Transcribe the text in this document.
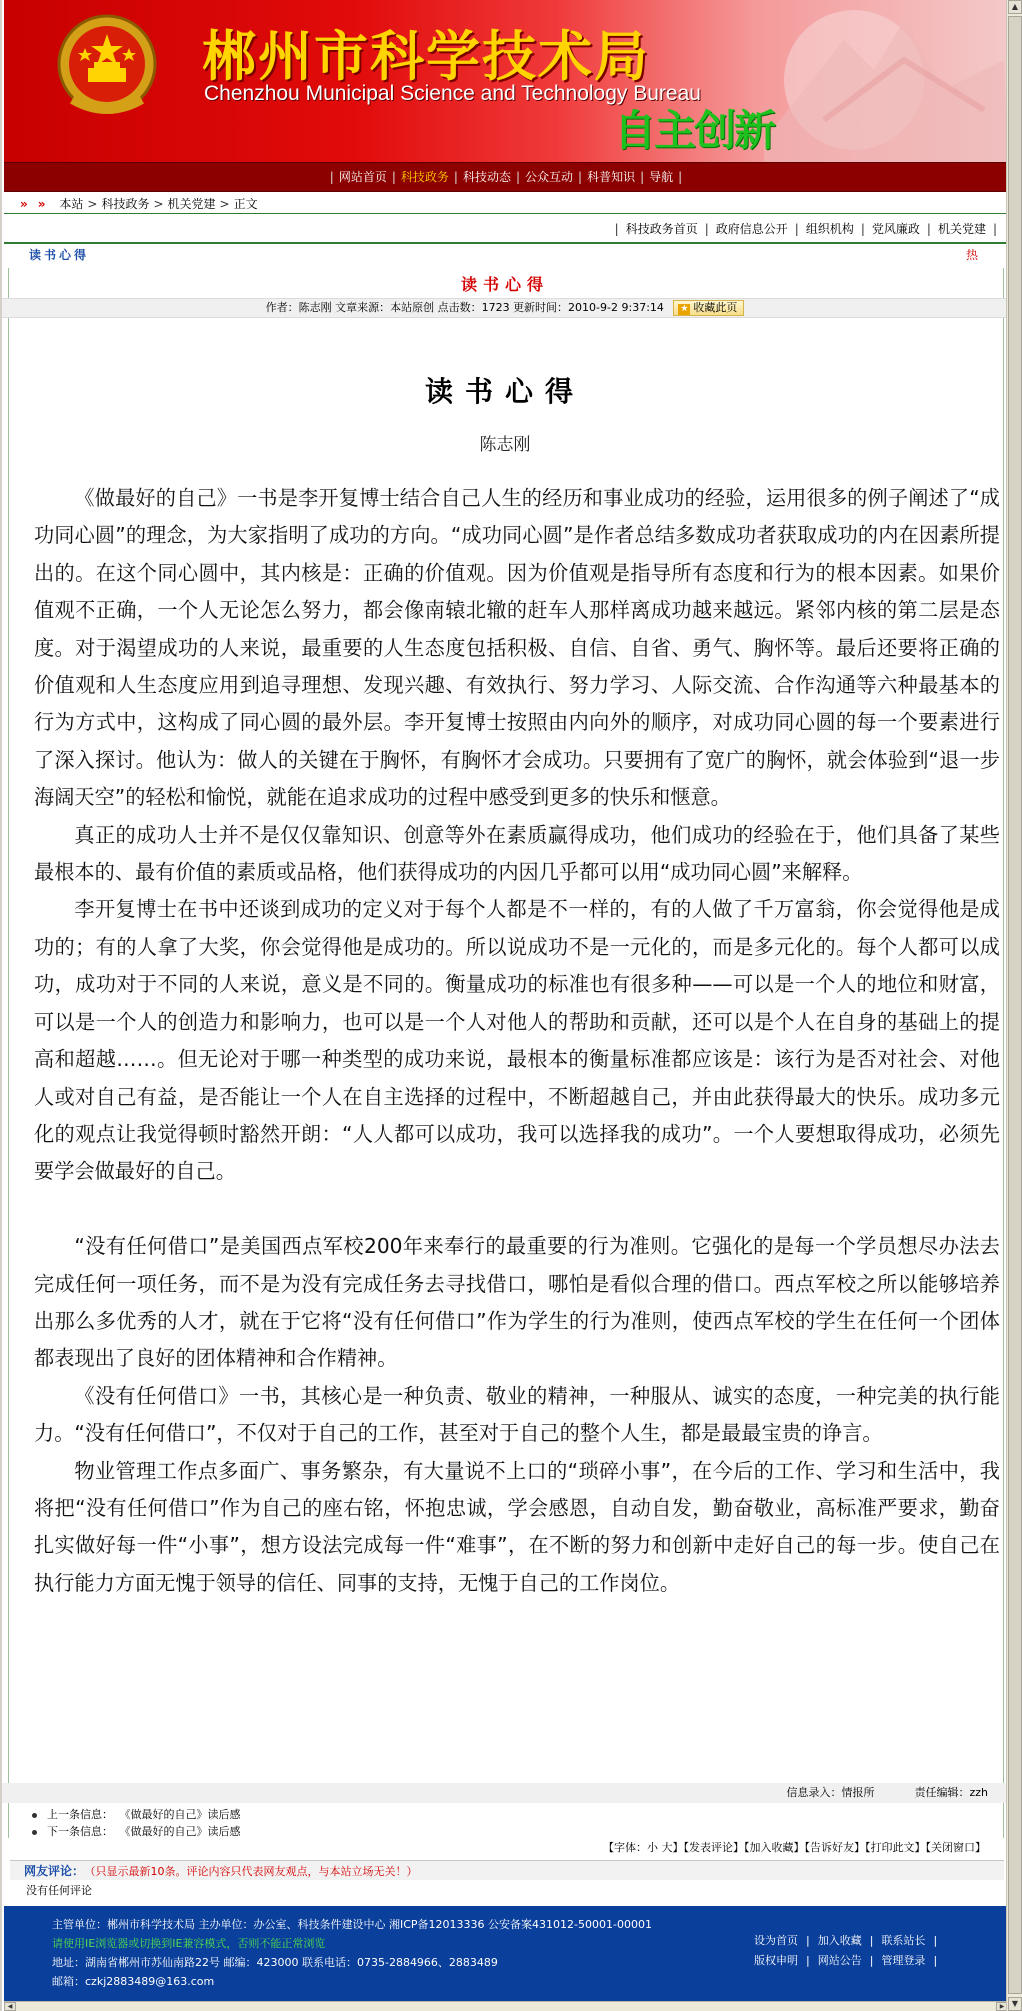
郴州市科学技术局
Chenzhou Municipal Science and Technology Bureau
自主创新
| 网站首页 | 科技政务 | 科技动态 | 公众互动 | 科普知识 | 导航 |
» » 本站 > 科技政务 > 机关党建 > 正文
| 科技政务首页 | 政府信息公开 | 组织机构 | 党风廉政 | 机关党建 |
读书心得	热
读书心得
作者：陈志刚 文章来源：本站原创 点击数：1723 更新时间：2010-9-2 9:37:14 ★ 收藏此页
读书心得
陈志刚

《做最好的自己》一书是李开复博士结合自己人生的经历和事业成功的经验，运用很多的例子阐述了“成功同心圆”的理念，为大家指明了成功的方向。“成功同心圆”是作者总结多数成功者获取成功的内在因素所提出的。在这个同心圆中，其内核是：正确的价值观。因为价值观是指导所有态度和行为的根本因素。如果价值观不正确，一个人无论怎么努力，都会像南辕北辙的赶车人那样离成功越来越远。紧邻内核的第二层是态度。对于渴望成功的人来说，最重要的人生态度包括积极、自信、自省、勇气、胸怀等。最后还要将正确的价值观和人生态度应用到追寻理想、发现兴趣、有效执行、努力学习、人际交流、合作沟通等六种最基本的行为方式中，这构成了同心圆的最外层。李开复博士按照由内向外的顺序，对成功同心圆的每一个要素进行了深入探讨。他认为：做人的关键在于胸怀，有胸怀才会成功。只要拥有了宽广的胸怀，就会体验到“退一步海阔天空”的轻松和愉悦，就能在追求成功的过程中感受到更多的快乐和惬意。

真正的成功人士并不是仅仅靠知识、创意等外在素质赢得成功，他们成功的经验在于，他们具备了某些最根本的、最有价值的素质或品格，他们获得成功的内因几乎都可以用“成功同心圆”来解释。

李开复博士在书中还谈到成功的定义对于每个人都是不一样的，有的人做了千万富翁，你会觉得他是成功的；有的人拿了大奖，你会觉得他是成功的。所以说成功不是一元化的，而是多元化的。每个人都可以成功，成功对于不同的人来说，意义是不同的。衡量成功的标准也有很多种——可以是一个人的地位和财富，可以是一个人的创造力和影响力，也可以是一个人对他人的帮助和贡献，还可以是个人在自身的基础上的提高和超越……。但无论对于哪一种类型的成功来说，最根本的衡量标准都应该是：该行为是否对社会、对他人或对自己有益，是否能让一个人在自主选择的过程中，不断超越自己，并由此获得最大的快乐。成功多元化的观点让我觉得顿时豁然开朗：“人人都可以成功，我可以选择我的成功”。一个人要想取得成功，必须先要学会做最好的自己。

“没有任何借口”是美国西点军校200年来奉行的最重要的行为准则。它强化的是每一个学员想尽办法去完成任何一项任务，而不是为没有完成任务去寻找借口，哪怕是看似合理的借口。西点军校之所以能够培养出那么多优秀的人才，就在于它将“没有任何借口”作为学生的行为准则，使西点军校的学生在任何一个团体都表现出了良好的团体精神和合作精神。

《没有任何借口》一书，其核心是一种负责、敬业的精神，一种服从、诚实的态度，一种完美的执行能力。“没有任何借口”，不仅对于自己的工作，甚至对于自己的整个人生，都是最最宝贵的诤言。

物业管理工作点多面广、事务繁杂，有大量说不上口的“琐碎小事”，在今后的工作、学习和生活中，我将把“没有任何借口”作为自己的座右铭，怀抱忠诚，学会感恩，自动自发，勤奋敬业，高标准严要求，勤奋扎实做好每一件“小事”，想方设法完成每一件“难事”，在不断的努力和创新中走好自己的每一步。使自己在执行能力方面无愧于领导的信任、同事的支持，无愧于自己的工作岗位。

信息录入：情报所	责任编辑：zzh
上一条信息： 《做最好的自己》读后感
下一条信息： 《做最好的自己》读后感
【字体：小 大】【发表评论】【加入收藏】【告诉好友】【打印此文】【关闭窗口】
网友评论： （只显示最新10条。评论内容只代表网友观点，与本站立场无关！）
没有任何评论
主管单位：郴州市科学技术局 主办单位：办公室、科技条件建设中心 湘ICP备12013336 公安备案431012-50001-00001
请使用IE浏览器或切换到IE兼容模式，否则不能正常浏览
地址：湖南省郴州市苏仙南路22号 邮编：423000 联系电话：0735-2884966、2883489
邮箱：czkj2883489@163.com
设为首页 | 加入收藏 | 联系站长 |
版权申明 | 网站公告 | 管理登录 |
◀	▶
▲
▼
